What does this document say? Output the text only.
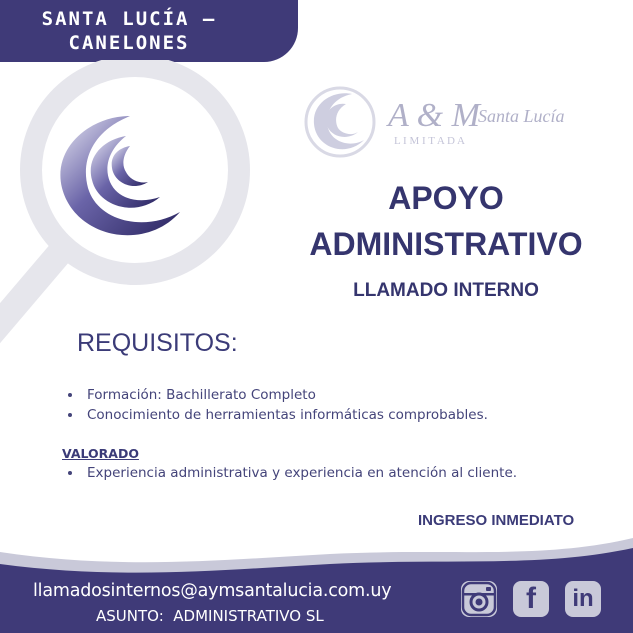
SANTA LUCÍA –
CANELONES
A & M
Santa Lucía
L I M I T A D A
APOYO
ADMINISTRATIVO
LLAMADO INTERNO
REQUISITOS:
Formación: Bachillerato Completo
Conocimiento de herramientas informáticas comprobables.
VALORADO
Experiencia administrativa y experiencia en atención al cliente.
INGRESO INMEDIATO
llamadosinternos@aymsantalucia.com.uy
ASUNTO:  ADMINISTRATIVO SL
f in
